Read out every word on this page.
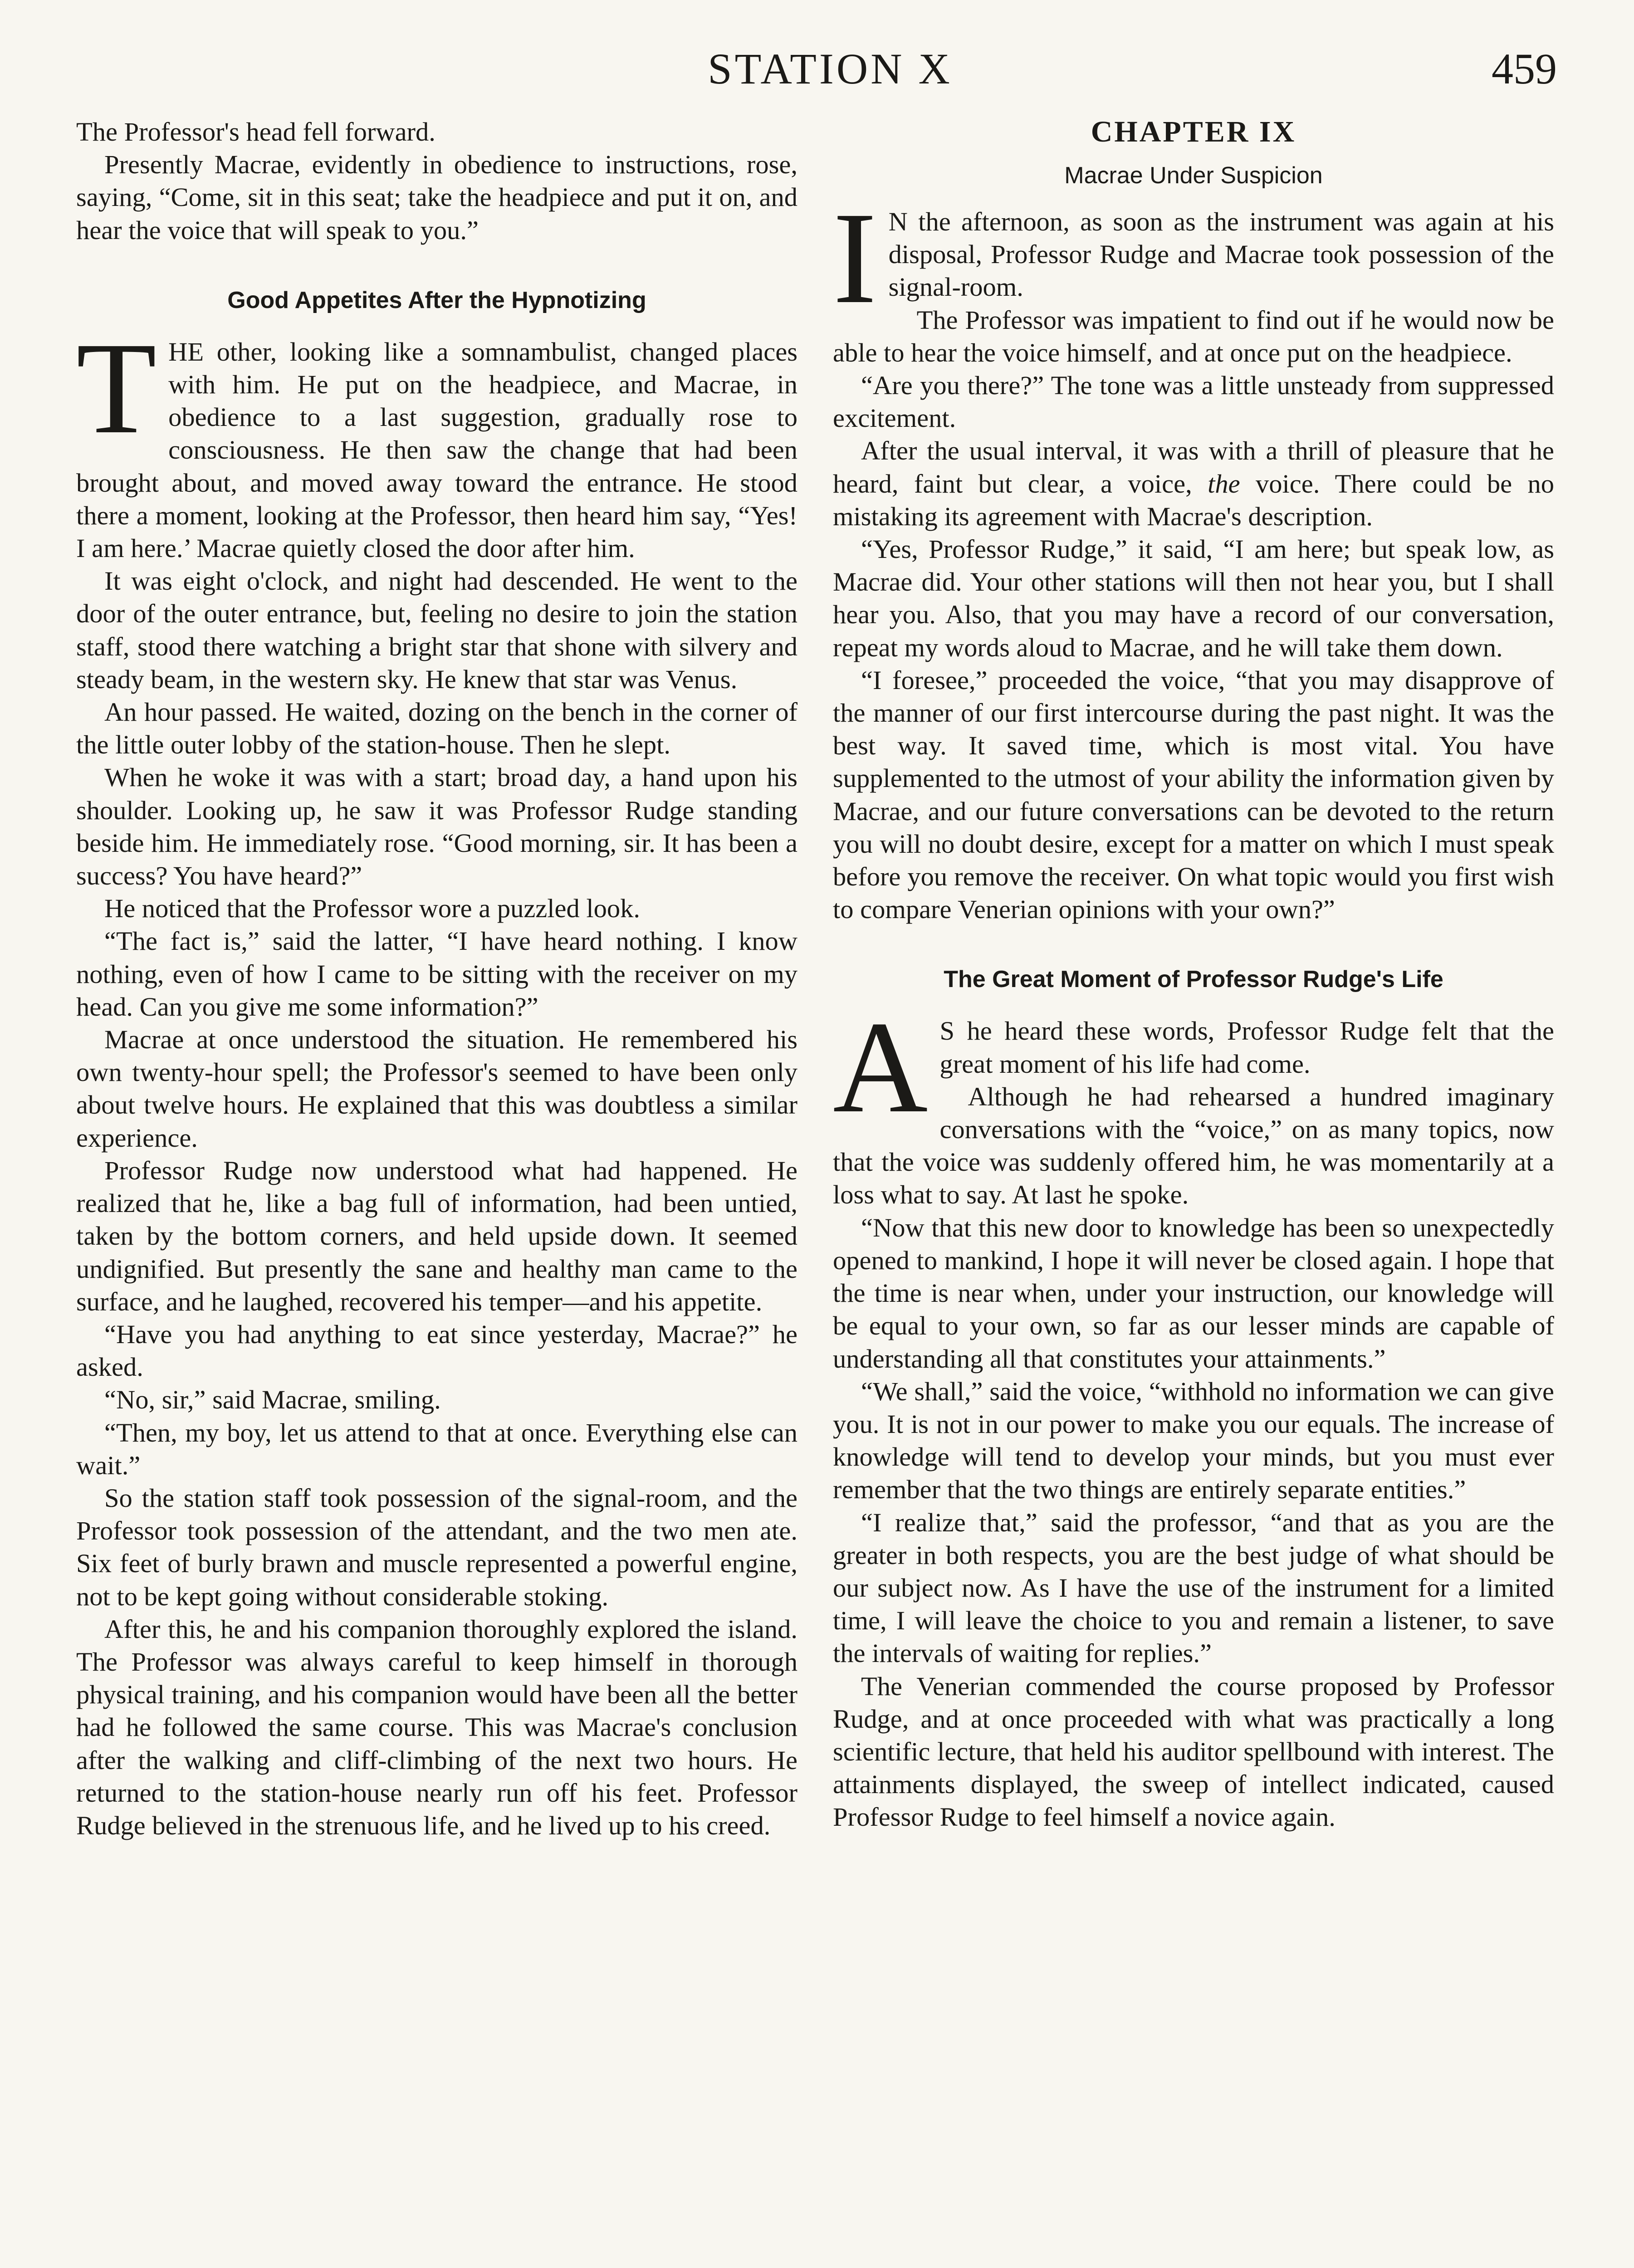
STATION X	459

The Professor's head fell forward.

Presently Macrae, evidently in obedience to instructions, rose, saying, “Come, sit in this seat; take the headpiece and put it on, and hear the voice that will speak to you.”

Good Appetites After the Hypnotizing

THE other, looking like a somnambulist, changed places with him. He put on the headpiece, and Macrae, in obedience to a last suggestion, gradually rose to consciousness. He then saw the change that had been brought about, and moved away toward the entrance. He stood there a moment, looking at the Professor, then heard him say, “Yes! I am here.’ Macrae quietly closed the door after him.

It was eight o'clock, and night had descended. He went to the door of the outer entrance, but, feeling no desire to join the station staff, stood there watching a bright star that shone with silvery and steady beam, in the western sky. He knew that star was Venus.

An hour passed. He waited, dozing on the bench in the corner of the little outer lobby of the station-house. Then he slept.

When he woke it was with a start; broad day, a hand upon his shoulder. Looking up, he saw it was Professor Rudge standing beside him. He immediately rose. “Good morning, sir. It has been a success? You have heard?”

He noticed that the Professor wore a puzzled look.

“The fact is,” said the latter, “I have heard nothing. I know nothing, even of how I came to be sitting with the receiver on my head. Can you give me some information?”

Macrae at once understood the situation. He remembered his own twenty-hour spell; the Professor's seemed to have been only about twelve hours. He explained that this was doubtless a similar experience.

Professor Rudge now understood what had happened. He realized that he, like a bag full of information, had been untied, taken by the bottom corners, and held upside down. It seemed undignified. But presently the sane and healthy man came to the surface, and he laughed, recovered his temper—and his appetite.

“Have you had anything to eat since yesterday, Macrae?” he asked.

“No, sir,” said Macrae, smiling.

“Then, my boy, let us attend to that at once. Everything else can wait.”

So the station staff took possession of the signal-room, and the Professor took possession of the attendant, and the two men ate. Six feet of burly brawn and muscle represented a powerful engine, not to be kept going without considerable stoking.

After this, he and his companion thoroughly explored the island. The Professor was always careful to keep himself in thorough physical training, and his companion would have been all the better had he followed the same course. This was Macrae's conclusion after the walking and cliff-climbing of the next two hours. He returned to the station-house nearly run off his feet. Professor Rudge believed in the strenuous life, and he lived up to his creed.

CHAPTER IX
Macrae Under Suspicion

I N the afternoon, as soon as the instrument was again at his disposal, Professor Rudge and Macrae took possession of the signal-room.

The Professor was impatient to find out if he would now be able to hear the voice himself, and at once put on the headpiece.

“Are you there?” The tone was a little unsteady from suppressed excitement.

After the usual interval, it was with a thrill of pleasure that he heard, faint but clear, a voice, the voice. There could be no mistaking its agreement with Macrae's description.

“Yes, Professor Rudge,” it said, “I am here; but speak low, as Macrae did. Your other stations will then not hear you, but I shall hear you. Also, that you may have a record of our conversation, repeat my words aloud to Macrae, and he will take them down.

“I foresee,” proceeded the voice, “that you may disapprove of the manner of our first intercourse during the past night. It was the best way. It saved time, which is most vital. You have supplemented to the utmost of your ability the information given by Macrae, and our future conversations can be devoted to the return you will no doubt desire, except for a matter on which I must speak before you remove the receiver. On what topic would you first wish to compare Venerian opinions with your own?”

The Great Moment of Professor Rudge's Life

A S he heard these words, Professor Rudge felt that the great moment of his life had come.

Although he had rehearsed a hundred imaginary conversations with the “voice,” on as many topics, now that the voice was suddenly offered him, he was momentarily at a loss what to say. At last he spoke.

“Now that this new door to knowledge has been so unexpectedly opened to mankind, I hope it will never be closed again. I hope that the time is near when, under your instruction, our knowledge will be equal to your own, so far as our lesser minds are capable of understanding all that constitutes your attainments.”

“We shall,” said the voice, “withhold no information we can give you. It is not in our power to make you our equals. The increase of knowledge will tend to develop your minds, but you must ever remember that the two things are entirely separate entities.”

“I realize that,” said the professor, “and that as you are the greater in both respects, you are the best judge of what should be our subject now. As I have the use of the instrument for a limited time, I will leave the choice to you and remain a listener, to save the intervals of waiting for replies.”

The Venerian commended the course proposed by Professor Rudge, and at once proceeded with what was practically a long scientific lecture, that held his auditor spellbound with interest. The attainments displayed, the sweep of intellect indicated, caused Professor Rudge to feel himself a novice again.
